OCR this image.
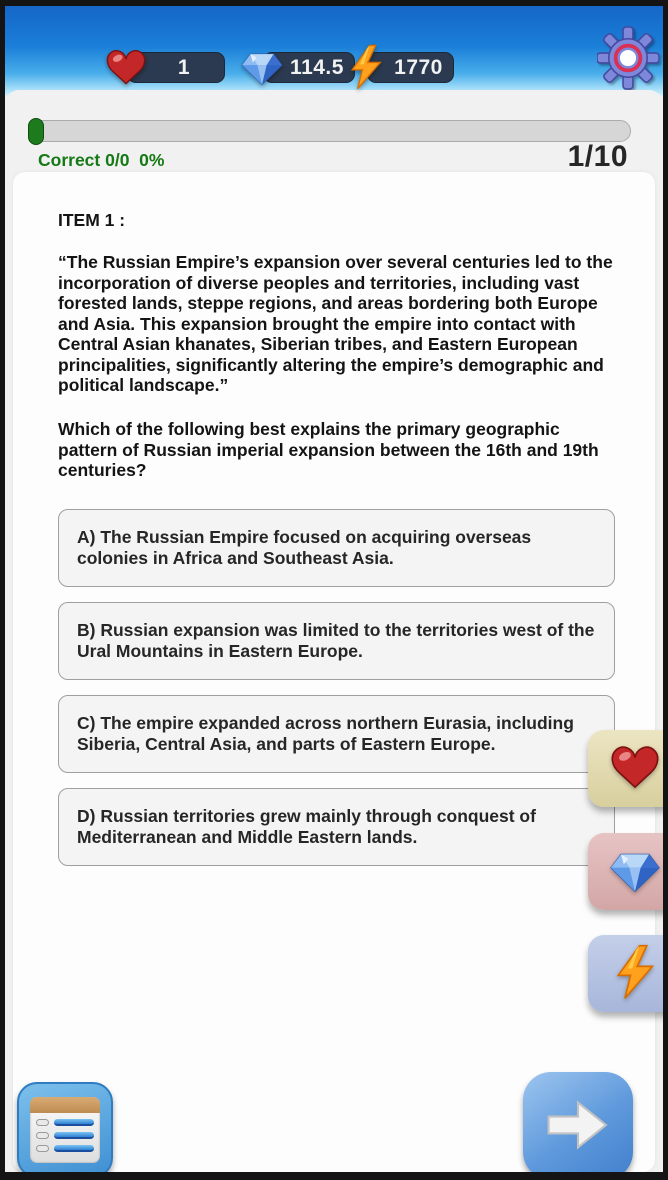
1	114.5	1770
Correct 0/0  0%	1/10
ITEM 1 :
“The Russian Empire’s expansion over several centuries led to the incorporation of diverse peoples and territories, including vast forested lands, steppe regions, and areas bordering both Europe and Asia. This expansion brought the empire into contact with Central Asian khanates, Siberian tribes, and Eastern European principalities, significantly altering the empire’s demographic and political landscape.”
Which of the following best explains the primary geographic pattern of Russian imperial expansion between the 16th and 19th centuries?
A) The Russian Empire focused on acquiring overseas colonies in Africa and Southeast Asia.
B) Russian expansion was limited to the territories west of the Ural Mountains in Eastern Europe.
C) The empire expanded across northern Eurasia, including Siberia, Central Asia, and parts of Eastern Europe.
D) Russian territories grew mainly through conquest of Mediterranean and Middle Eastern lands.
